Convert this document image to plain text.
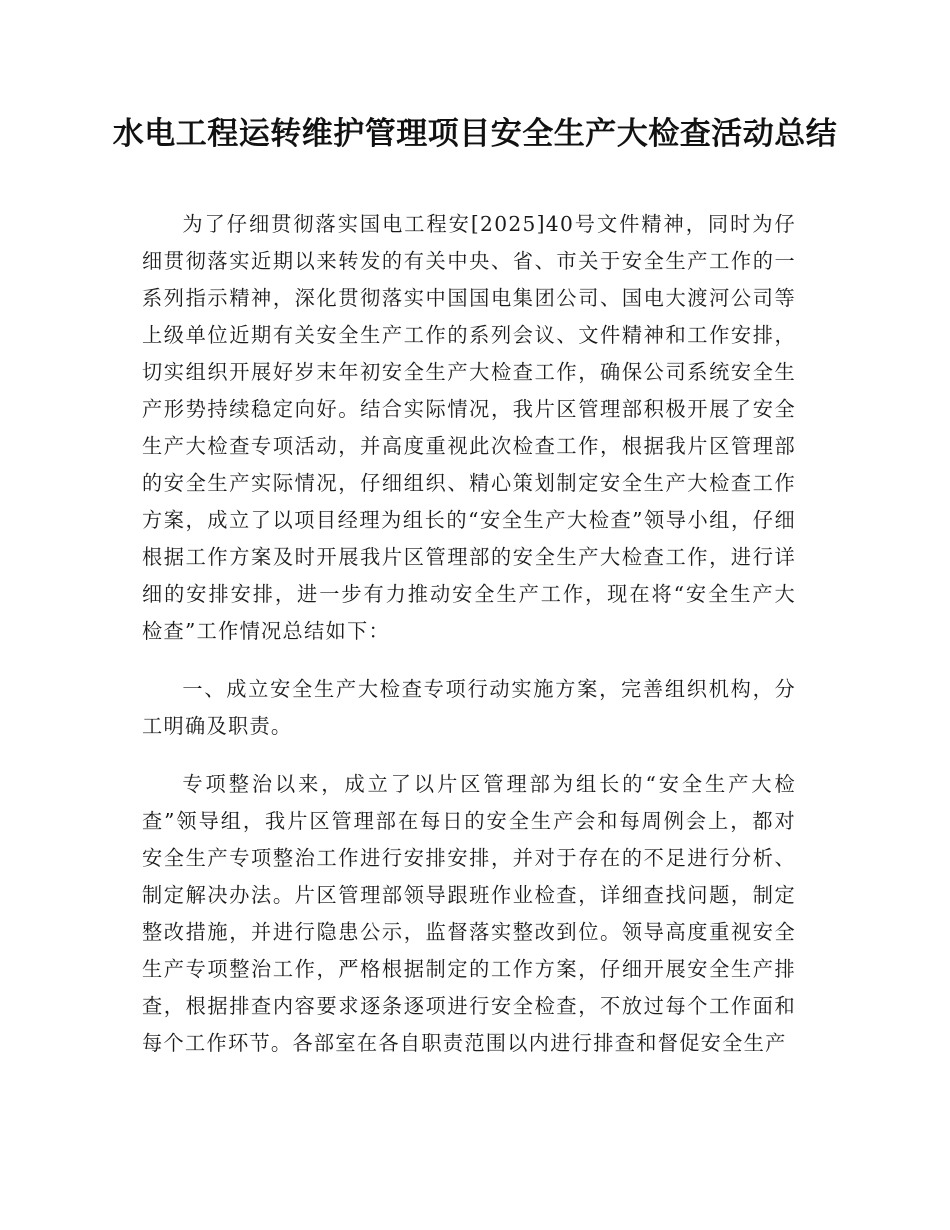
水电工程运转维护管理项目安全生产大检查活动总结

为了仔细贯彻落实国电工程安[2025]40号文件精神，同时为仔细贯彻落实近期以来转发的有关中央、省、市关于安全生产工作的一系列指示精神，深化贯彻落实中国国电集团公司、国电大渡河公司等上级单位近期有关安全生产工作的系列会议、文件精神和工作安排，切实组织开展好岁末年初安全生产大检查工作，确保公司系统安全生产形势持续稳定向好。结合实际情况，我片区管理部积极开展了安全生产大检查专项活动，并高度重视此次检查工作，根据我片区管理部的安全生产实际情况，仔细组织、精心策划制定安全生产大检查工作方案，成立了以项目经理为组长的“安全生产大检查”领导小组，仔细根据工作方案及时开展我片区管理部的安全生产大检查工作，进行详细的安排安排，进一步有力推动安全生产工作，现在将“安全生产大检查”工作情况总结如下：

一、成立安全生产大检查专项行动实施方案，完善组织机构，分工明确及职责。

专项整治以来，成立了以片区管理部为组长的“安全生产大检查”领导组，我片区管理部在每日的安全生产会和每周例会上，都对安全生产专项整治工作进行安排安排，并对于存在的不足进行分析、制定解决办法。片区管理部领导跟班作业检查，详细查找问题，制定整改措施，并进行隐患公示，监督落实整改到位。领导高度重视安全生产专项整治工作，严格根据制定的工作方案，仔细开展安全生产排查，根据排查内容要求逐条逐项进行安全检查，不放过每个工作面和每个工作环节。各部室在各自职责范围以内进行排查和督促安全生产
